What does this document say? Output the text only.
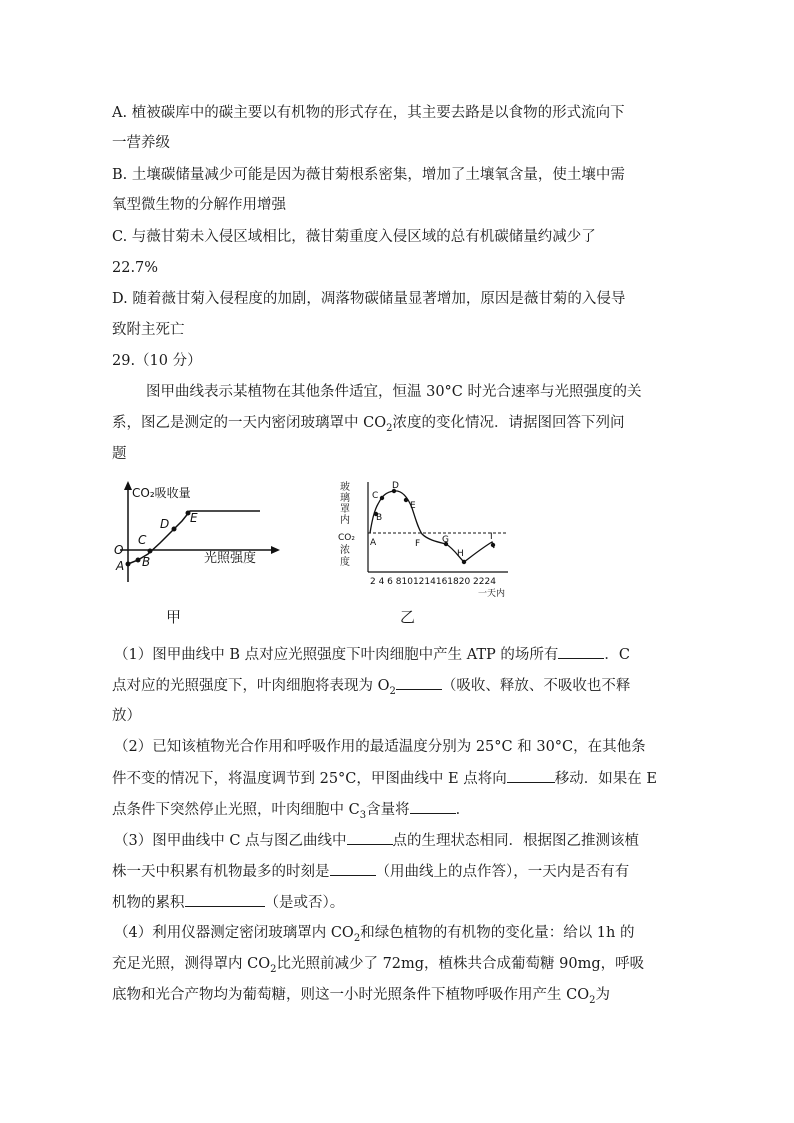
A. 植被碳库中的碳主要以有机物的形式存在，其主要去路是以食物的形式流向下
一营养级
B. 土壤碳储量减少可能是因为薇甘菊根系密集，增加了土壤氧含量，使土壤中需
氧型微生物的分解作用增强
C. 与薇甘菊未入侵区域相比，薇甘菊重度入侵区域的总有机碳储量约减少了
22.7%
D. 随着薇甘菊入侵程度的加剧，凋落物碳储量显著增加，原因是薇甘菊的入侵导
致附主死亡
29.（10 分）
图甲曲线表示某植物在其他条件适宜，恒温 30°C 时光合速率与光照强度的关
系，图乙是测定的一天内密闭玻璃罩中 $CO_2$浓度的变化情况．请据图回答下列问
题
CO₂吸收量
光照强度
O
A B
C
D E
甲
玻
璃
罩
内
CO₂
浓
度
A
B
C
D
E
F G
H
I
2 4 6 8101214161820 2224
一天内
乙
（1）图甲曲线中 B 点对应光照强度下叶肉细胞中产生 ATP 的场所有	．C
点对应的光照强度下，叶肉细胞将表现为 $O_2$	（吸收、释放、不吸收也不释
放）
（2）已知该植物光合作用和呼吸作用的最适温度分别为 25°C 和 30°C，在其他条
件不变的情况下，将温度调节到 25°C，甲图曲线中 E 点将向	移动．如果在 E
点条件下突然停止光照，叶肉细胞中 $C_3$含量将	．
（3）图甲曲线中 C 点与图乙曲线中	点的生理状态相同．根据图乙推测该植
株一天中积累有机物最多的时刻是	（用曲线上的点作答），一天内是否有有
机物的累积	（是或否）。
（4）利用仪器测定密闭玻璃罩内 $CO_2$和绿色植物的有机物的变化量：给以 1h 的
充足光照，测得罩内 $CO_2$比光照前减少了 72mg，植株共合成葡萄糖 90mg，呼吸
底物和光合产物均为葡萄糖，则这一小时光照条件下植物呼吸作用产生 $CO_2$为
